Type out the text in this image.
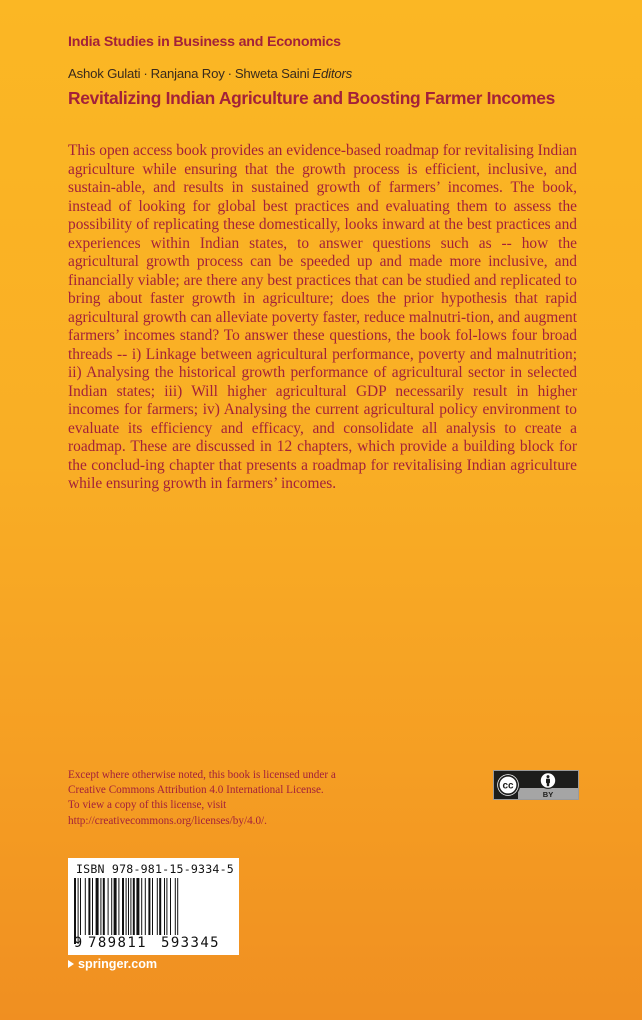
India Studies in Business and Economics
Ashok Gulati · Ranjana Roy · Shweta Saini Editors
Revitalizing Indian Agriculture and Boosting Farmer Incomes

This open access book provides an evidence-based roadmap for revitalising Indian agriculture while ensuring that the growth process is efficient, inclusive, and sustain-able, and results in sustained growth of farmers’ incomes. The book, instead of looking for global best practices and evaluating them to assess the possibility of replicating these domestically, looks inward at the best practices and experiences within Indian states, to answer questions such as -- how the agricultural growth process can be speeded up and made more inclusive, and financially viable; are there any best practices that can be studied and replicated to bring about faster growth in agriculture; does the prior hypothesis that rapid agricultural growth can alleviate poverty faster, reduce malnutri-tion, and augment farmers’ incomes stand? To answer these questions, the book fol-lows four broad threads -- i) Linkage between agricultural performance, poverty and malnutrition; ii) Analysing the historical growth performance of agricultural sector in selected Indian states; iii) Will higher agricultural GDP necessarily result in higher incomes for farmers; iv) Analysing the current agricultural policy environment to evaluate its efficiency and efficacy, and consolidate all analysis to create a roadmap. These are discussed in 12 chapters, which provide a building block for the conclud-ing chapter that presents a roadmap for revitalising Indian agriculture while ensuring growth in farmers’ incomes.

Except where otherwise noted, this book is licensed under a
Creative Commons Attribution 4.0 International License.
To view a copy of this license, visit
http://creativecommons.org/licenses/by/4.0/.
cc
BY
ISBN 978-981-15-9334-5
9 789811 593345
springer.com
